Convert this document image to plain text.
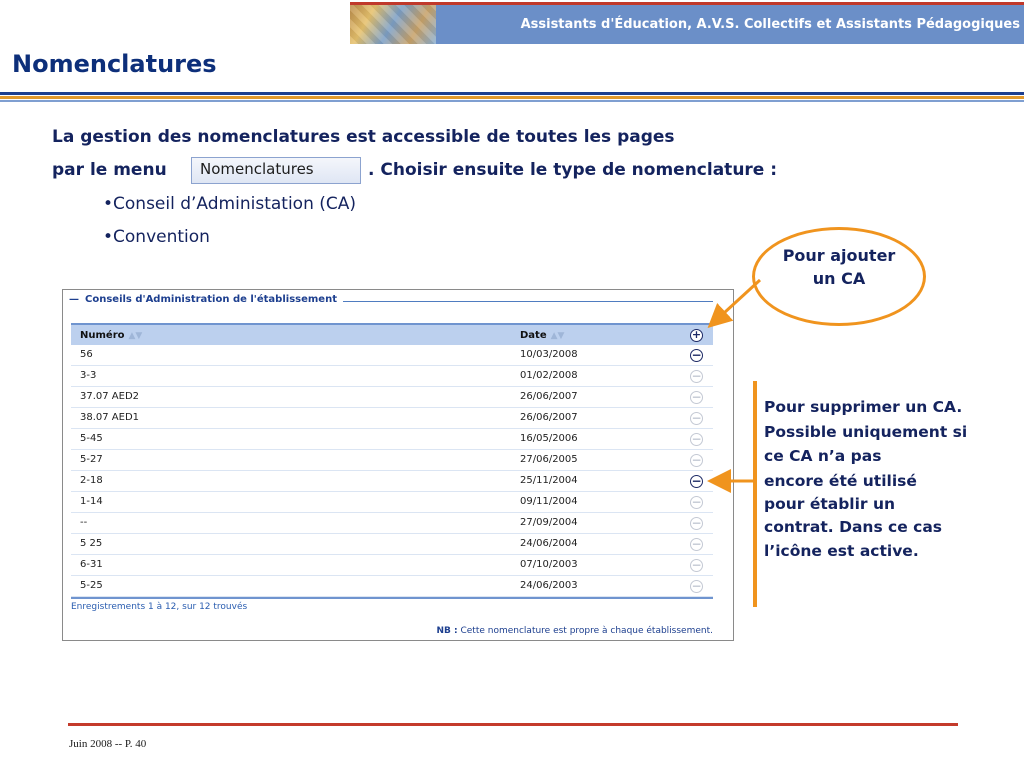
Assistants d'Éducation, A.V.S. Collectifs et Assistants Pédagogiques
Nomenclatures
La gestion des nomenclatures est accessible de toutes les pages
par le menu	Nomenclatures	. Choisir ensuite le type de nomenclature :
•Conseil d’Administation (CA)
•Convention
— Conseils d'Administration de l'établissement
Numéro ▲▼	Date ▲▼	+
56	10/03/2008	−
3-3	01/02/2008	−
37.07 AED2	26/06/2007	−
38.07 AED1	26/06/2007	−
5-45	16/05/2006	−
5-27	27/06/2005	−
2-18	25/11/2004	−
1-14	09/11/2004	−
--	27/09/2004	−
5 25	24/06/2004	−
6-31	07/10/2003	−
5-25	24/06/2003	−
Enregistrements 1 à 12, sur 12 trouvés
NB : Cette nomenclature est propre à chaque établissement.
Pour ajouter
un CA
Pour supprimer un CA.
Possible uniquement si
ce CA n’a pas
encore été utilisé
pour établir un
contrat. Dans ce cas
l’icône est active.
Juin 2008 -- P. 40
